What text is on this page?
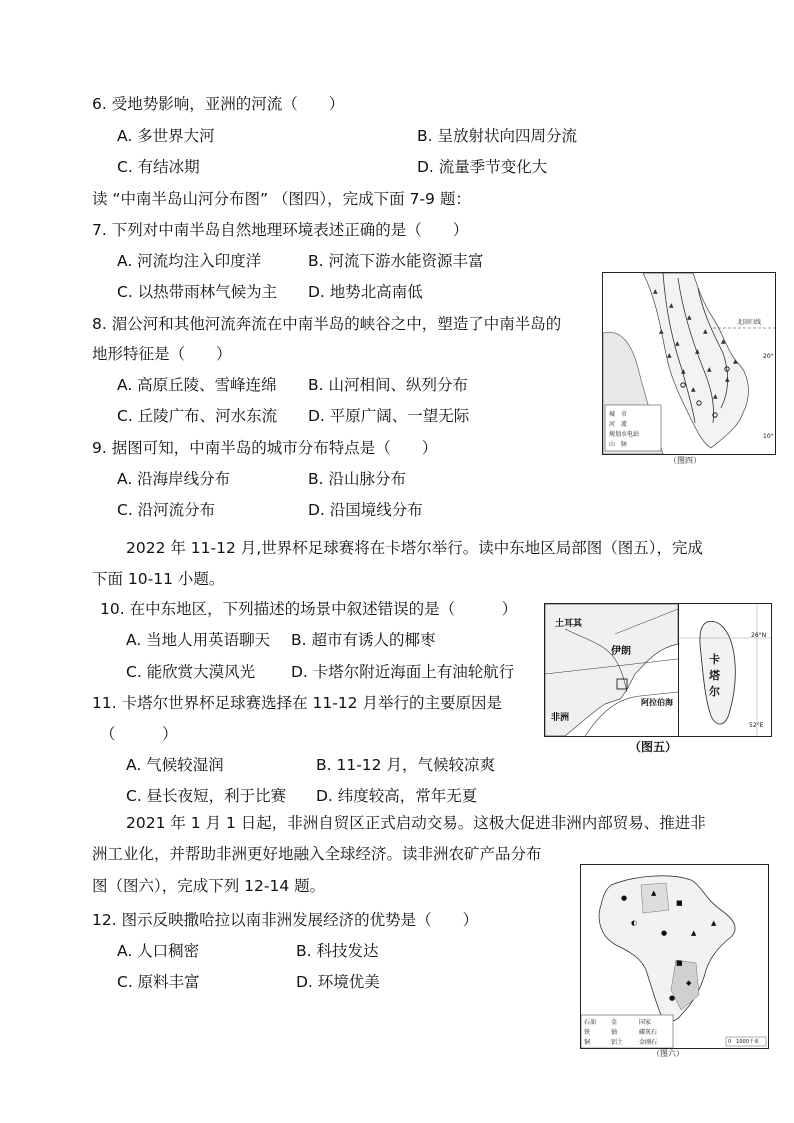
6. 受地势影响，亚洲的河流（　　）
A. 多世界大河	B. 呈放射状向四周分流
C. 有结冰期	D. 流量季节变化大
读 “中南半岛山河分布图” （图四），完成下面 7-9 题：
7. 下列对中南半岛自然地理环境表述正确的是（　　）
A. 河流均注入印度洋	B. 河流下游水能资源丰富
C. 以热带雨林气候为主 D. 地势北高南低
8. 湄公河和其他河流奔流在中南半岛的峡谷之中，塑造了中南半岛的
地形特征是（　　）
A. 高原丘陵、雪峰连绵 B. 山河相间、纵列分布
C. 丘陵广布、河水东流 D. 平原广阔、一望无际
9. 据图可知，中南半岛的城市分布特点是（　　）
A. 沿海岸线分布	B. 沿山脉分布
C. 沿河流分布	D. 沿国境线分布
▲
▲
▲
▲
▲
▲
▲
▲
▲
▲
▲
▲
▲
▲
▲
北回归线
20°
10°
城　市
河　流
规划水电站
山　脉
（图四）
2022 年 11-12 月,世界杯足球赛将在卡塔尔举行。读中东地区局部图（图五），完成
下面 10-11 小题。
10. 在中东地区，下列描述的场景中叙述错误的是（　　　）
A. 当地人用英语聊天 B. 超市有诱人的椰枣
C. 能欣赏大漠风光 D. 卡塔尔附近海面上有油轮航行
土耳其
伊朗
非洲
阿拉伯海
卡塔尔
26°N
52°E
（图五）
11. 卡塔尔世界杯足球赛选择在 11-12 月举行的主要原因是
（　　　）
A. 气候较湿润	B. 11-12 月，气候较凉爽
C. 昼长夜短，利于比赛 D. 纬度较高，常年无夏
2021 年 1 月 1 日起，非洲自贸区正式启动交易。这极大促进非洲内部贸易、推进非
洲工业化，并帮助非洲更好地融入全球经济。读非洲农矿产品分布
图（图六），完成下列 12-14 题。
12. 图示反映撒哈拉以南非洲发展经济的优势是（　　）
A. 人口稠密	B. 科技发达
C. 原料丰富	D. 环境优美
●
▲
■
◐
●	▲
■
◆
●
▲
石油 金	国家
铁	铀	磷灰石
铜	铝土	金刚石	0　1000千米
（图六）
